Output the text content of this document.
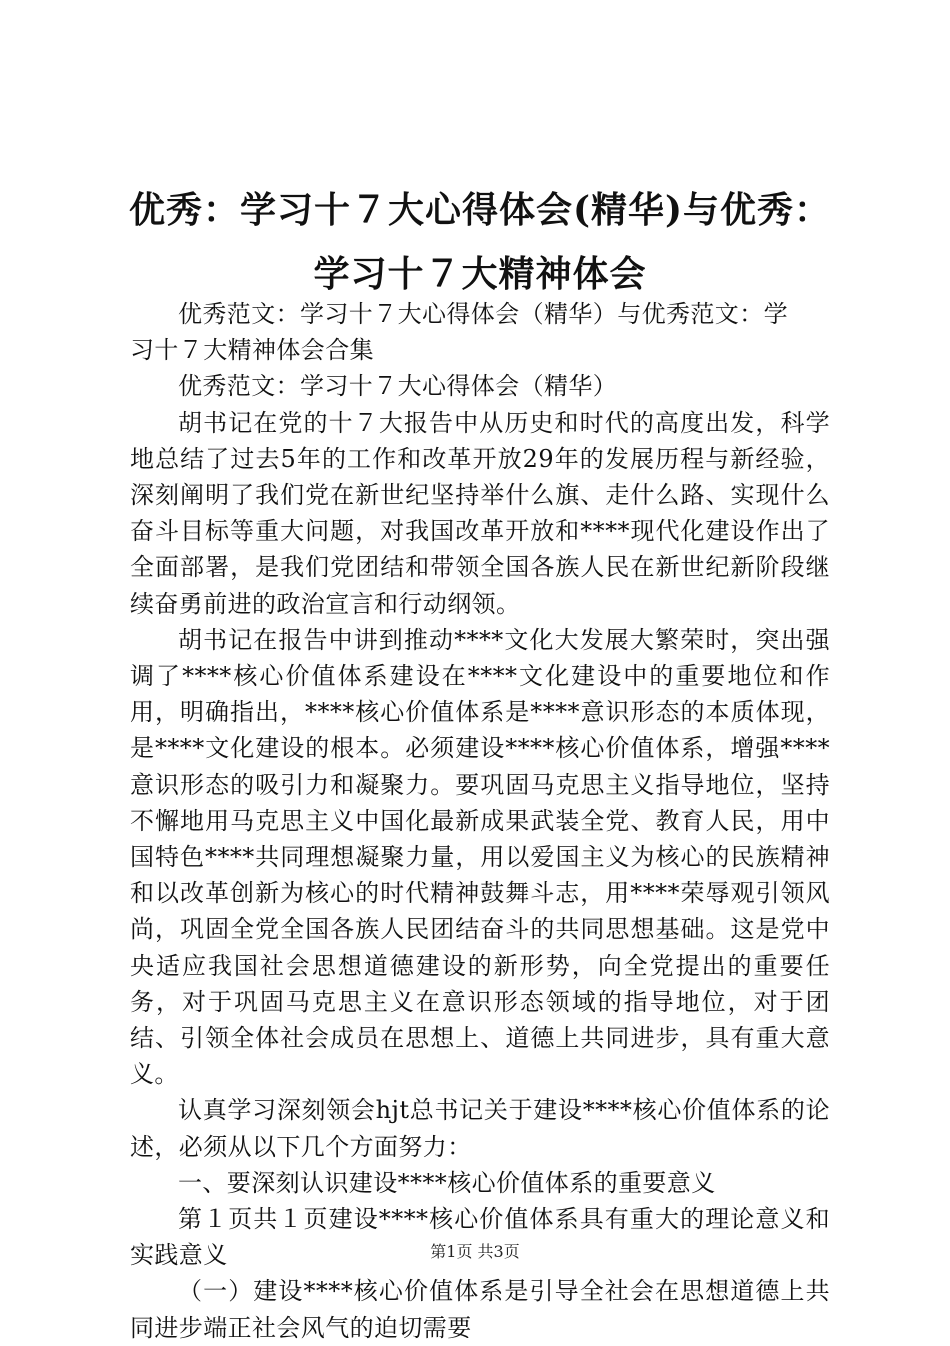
优秀：学习十７大心得体会(精华)与优秀：学习十７大精神体会

优秀范文：学习十７大心得体会（精华）与优秀范文：学

习十７大精神体会合集

优秀范文：学习十７大心得体会（精华）

胡书记在党的十７大报告中从历史和时代的高度出发，科学地总结了过去5年的工作和改革开放29年的发展历程与新经验，深刻阐明了我们党在新世纪坚持举什么旗、走什么路、实现什么奋斗目标等重大问题，对我国改革开放和****现代化建设作出了全面部署，是我们党团结和带领全国各族人民在新世纪新阶段继续奋勇前进的政治宣言和行动纲领。

胡书记在报告中讲到推动****文化大发展大繁荣时，突出强调了****核心价值体系建设在****文化建设中的重要地位和作用，明确指出，****核心价值体系是****意识形态的本质体现，是****文化建设的根本。必须建设****核心价值体系，增强****意识形态的吸引力和凝聚力。要巩固马克思主义指导地位，坚持不懈地用马克思主义中国化最新成果武装全党、教育人民，用中国特色****共同理想凝聚力量，用以爱国主义为核心的民族精神和以改革创新为核心的时代精神鼓舞斗志，用****荣辱观引领风尚，巩固全党全国各族人民团结奋斗的共同思想基础。这是党中央适应我国社会思想道德建设的新形势，向全党提出的重要任务，对于巩固马克思主义在意识形态领域的指导地位，对于团结、引领全体社会成员在思想上、道德上共同进步，具有重大意义。

认真学习深刻领会hjt总书记关于建设****核心价值体系的论述，必须从以下几个方面努力：

一、要深刻认识建设****核心价值体系的重要意义

第１页共１页建设****核心价值体系具有重大的理论意义和实践意义

（一）建设****核心价值体系是引导全社会在思想道德上共同进步端正社会风气的迫切需要

第1页 共3页
